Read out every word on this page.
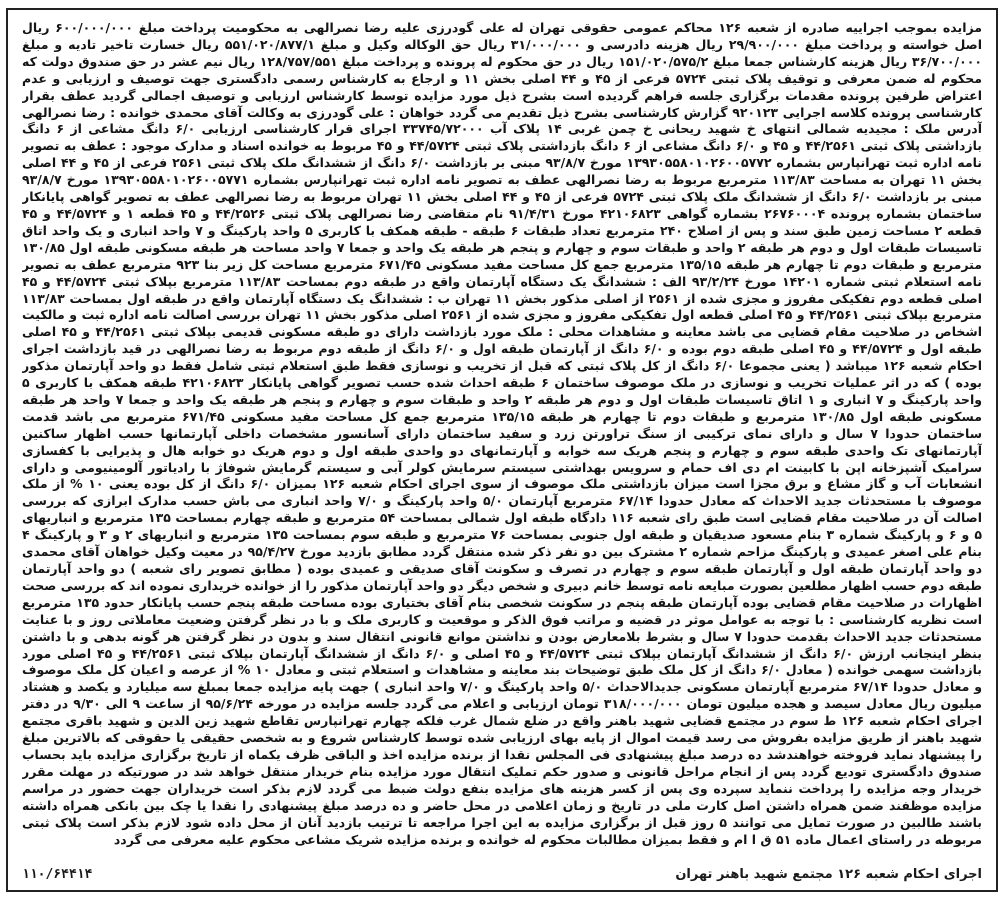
مزایده بموجب اجراییه صادره از شعبه ۱۲۶ محاکم عمومی حقوقی تهران له علی گودرزی علیه رضا نصرالهی به محکومیت پرداخت مبلغ ۶۰۰/۰۰۰/۰۰۰ ریال اصل خواسته و پرداخت مبلغ ۲۹/۹۰۰/۰۰۰ ریال هزینه دادرسی و ۳۱/۰۰۰/۰۰۰ ریال حق الوکاله وکیل و مبلغ ۵۵۱/۰۲۰/۸۷۷/۱ ریال خسارت تاخیر تادیه و مبلغ ۳۶/۷۰۰/۰۰۰ ریال هزینه کارشناس جمعا مبلغ ۱۵۱/۰۲۰/۵۷۵/۲ ریال در حق محکوم له پرونده و پرداخت مبلغ ۱۲۸/۷۵۷/۵۵۱ ریال نیم عشر در حق صندوق دولت که محکوم له ضمن معرفی و توقیف پلاک ثبتی ۵۷۲۴ فرعی از ۴۵ و ۴۴ اصلی بخش ۱۱ و ارجاع به کارشناس رسمی دادگستری جهت توصیف و ارزیابی و عدم اعتراض طرفین پرونده مقدمات برگزاری جلسه فراهم گردیده است بشرح ذیل مورد مزایده توسط کارشناس ارزیابی و توصیف اجمالی گردید عطف بقرار کارشناسی پرونده کلاسه اجرایی ۹۲۰۱۲۳ گزارش کارشناسی بشرح ذیل تقدیم می گردد خواهان : علی گودرزی به وکالت آقای محمدی خوانده : رضا نصرالهی آدرس ملک : مجیدیه شمالی انتهای خ شهید ریحانی خ چمن غربی ۱۴ پلاک آب ۳۳۷۴۵/۷۲۰۰۰ اجرای قرار کارشناسی ارزیابی ۶/۰ دانگ مشاعی از ۶ دانگ بازداشتی پلاک ثبتی ۴۴/۲۵۶۱ و ۴۵ و ۶/۰ دانگ مشاعی از ۶ دانگ بازداشتی پلاک ثبتی ۴۴/۵۷۲۴ و ۴۵ مربوط به خوانده اسناد و مدارک موجود : عطف به تصویر نامه اداره ثبت تهرانپارس بشماره ۱۳۹۳۰۵۵۸۰۱۰۲۶۰۰۵۷۷۲ مورخ ۹۳/۸/۷ مبنی بر بازداشت ۶/۰ دانگ از ششدانگ ملک پلاک ثبتی ۲۵۶۱ فرعی از ۴۵ و ۴۴ اصلی بخش ۱۱ تهران به مساحت ۱۱۳/۸۳ مترمربع مربوط به رضا نصرالهی عطف به تصویر نامه اداره ثبت تهرانپارس بشماره ۱۳۹۳۰۵۵۸۰۱۰۲۶۰۰۵۷۷۱ مورخ ۹۳/۸/۷ مبنی بر بازداشت ۶/۰ دانگ از ششدانگ ملک پلاک ثبتی ۵۷۲۴ فرعی از ۴۵ و ۴۴ اصلی بخش ۱۱ تهران مربوط به رضا نصرالهی عطف به تصویر گواهی پایانکار ساختمان بشماره پرونده ۲۶۷۶۰۰۰۴ بشماره گواهی ۴۲۱۰۶۸۲۳ مورخ ۹۱/۴/۳۱ نام متقاضی رضا نصرالهی پلاک ثبتی ۴۴/۲۵۲۶ و ۴۵ قطعه ۱ و ۴۴/۵۷۲۴ و ۴۵ قطعه ۲ مساحت زمین طبق سند و پس از اصلاح ۲۴۰ مترمربع تعداد طبقات ۶ طبقه - طبقه همکف با کاربری ۵ واحد پارکینگ و ۷ واحد انباری و یک واحد اتاق تاسیسات طبقات اول و دوم هر طبقه ۲ واحد و طبقات سوم و چهارم و پنجم هر طبقه یک واحد و جمعا ۷ واحد مساحت هر طبقه مسکونی طبقه اول ۱۳۰/۸۵ مترمربع و طبقات دوم تا چهارم هر طبقه ۱۳۵/۱۵ مترمربع جمع کل مساحت مفید مسکونی ۶۷۱/۴۵ مترمربع مساحت کل زیر بنا ۹۲۳ مترمربع عطف به تصویر نامه استعلام ثبتی شماره ۱۴۲۰۱ مورخ ۹۳/۲/۲۴ الف : ششدانگ یک دستگاه آپارتمان واقع در طبقه دوم بمساحت ۱۱۳/۸۳ مترمربع بپلاک ثبتی ۴۴/۵۷۲۴ و ۴۵ اصلی قطعه دوم تفکیکی مفروز و مجزی شده از ۲۵۶۱ از اصلی مذکور بخش ۱۱ تهران ب : ششدانگ یک دستگاه آپارتمان واقع در طبقه اول بمساحت ۱۱۳/۸۳ مترمربع بپلاک ثبتی ۴۴/۲۵۶۱ و ۴۵ اصلی قطعه اول تفکیکی مفروز و مجزی شده از ۲۵۶۱ اصلی مذکور بخش ۱۱ تهران بررسی اصالت نامه اداره ثبت و مالکیت اشخاص در صلاحیت مقام قضایی می باشد معاینه و مشاهدات محلی : ملک مورد بازداشت دارای دو طبقه مسکونی قدیمی بپلاک ثبتی ۴۴/۲۵۶۱ و ۴۵ اصلی طبقه اول و ۴۴/۵۷۲۴ و ۴۵ اصلی طبقه دوم بوده و ۶/۰ دانگ از آپارتمان طبقه اول و ۶/۰ دانگ از طبقه دوم مربوط به رضا نصرالهی در قید بازداشت اجرای احکام شعبه ۱۲۶ میباشد ( یعنی مجموعا ۶/۰ دانگ از کل پلاک ثبتی که قبل از تخریب و نوسازی فقط طبق استعلام ثبتی شامل فقط دو واحد آپارتمان مذکور بوده ) که در اثر عملیات تخریب و نوسازی در ملک موصوف ساختمان ۶ طبقه احداث شده حسب تصویر گواهی پایانکار ۴۲۱۰۶۸۲۳ طبقه همکف با کاربری ۵ واحد پارکینگ و ۷ انباری و ۱ اتاق تاسیسات طبقات اول و دوم هر طبقه ۲ واحد و طبقات سوم و چهارم و پنجم هر طبقه یک واحد و جمعا ۷ واحد هر طبقه مسکونی طبقه اول ۱۳۰/۸۵ مترمربع و طبقات دوم تا چهارم هر طبقه ۱۳۵/۱۵ مترمربع جمع کل مساحت مفید مسکونی ۶۷۱/۴۵ مترمربع می باشد قدمت ساختمان حدودا ۷ سال و دارای نمای ترکیبی از سنگ تراورتن زرد و سفید ساختمان دارای آسانسور مشخصات داخلی آپارتمانها حسب اظهار ساکنین آپارتمانهای تک واحدی طبقه سوم و چهارم و پنجم هریک سه خوابه و آپارتمانهای دو واحدی طبقه اول و دوم هریک دو خوابه هال و پذیرایی با کفسازی سرامیک آشپزخانه اپن با کابینت ام دی اف حمام و سرویس بهداشتی سیستم سرمایش کولر آبی و سیستم گرمایش شوفاژ با رادیاتور آلومینیومی و دارای انشعابات آب و گاز مشاع و برق مجزا است میزان بازداشتی ملک موصوف از سوی اجرای احکام شعبه ۱۲۶ بمیزان ۶/۰ دانگ از کل بوده یعنی ۱۰ % از ملک موصوف با مستحدثات جدید الاحداث که معادل حدودا ۶۷/۱۴ مترمربع آپارتمان ۵/۰ واحد پارکینگ و ۷/۰ واحد انباری می باش حسب مدارک ابرازی که بررسی اصالت آن در صلاحیت مقام قضایی است طبق رای شعبه ۱۱۶ دادگاه طبقه اول شمالی بمساحت ۵۴ مترمربع و طبقه چهارم بمساحت ۱۳۵ مترمربع و انباریهای ۵ و ۶ و پارکینگ شماره ۳ بنام مسعود صدیقیان و طبقه اول جنوبی بمساحت ۷۶ مترمربع و طبقه سوم بمساحت ۱۳۵ مترمربع و انباریهای ۲ و ۳ و پارکینگ ۴ بنام علی اصغر عمیدی و پارکینگ مزاحم شماره ۲ مشترک بین دو نفر ذکر شده منتقل گردد مطابق بازدید مورخ ۹۵/۴/۲۷ در معیت وکیل خواهان آقای محمدی دو واحد آپارتمان طبقه اول و آپارتمان طبقه سوم و چهارم در تصرف و سکونت آقای صدیقی و عمیدی بوده ( مطابق تصویر رای شعبه ) دو واحد آپارتمان طبقه دوم حسب اظهار مطلعین بصورت مبایعه نامه توسط خانم دبیری و شخص دیگر دو واحد آپارتمان مذکور را از خوانده خریداری نموده اند که بررسی صحت اظهارات در صلاحیت مقام قضایی بوده آپارتمان طبقه پنجم در سکونت شخصی بنام آقای بختیاری بوده مساحت طبقه پنجم حسب پایانکار حدود ۱۳۵ مترمربع است نظریه کارشناسی : با توجه به عوامل موثر در قضیه و مراتب فوق الذکر و موقعیت و کاربری ملک و با در نظر گرفتن وضعیت معاملاتی روز و با عنایت مستحدثات جدید الاحداث بقدمت حدودا ۷ سال و بشرط بلامعارض بودن و نداشتن موانع قانونی انتقال سند و بدون در نظر گرفتن هر گونه بدهی و با داشتن بنظر اینجانب ارزش ۶/۰ دانگ از ششدانگ آپارتمان بپلاک ثبتی ۴۴/۵۷۲۴ و ۴۵ اصلی و ۶/۰ دانگ از ششدانگ آپارتمان بپلاک ثبتی ۴۴/۲۵۶۱ و ۴۵ اصلی مورد بازداشت سهمی خوانده ( معادل ۶/۰ دانگ از کل ملک طبق توضیحات بند معاینه و مشاهدات و استعلام ثبتی و معادل ۱۰ % از عرصه و اعیان کل ملک موصوف و معادل حدودا ۶۷/۱۴ مترمربع آپارتمان مسکونی جدیدالاحداث ۵/۰ واحد پارکینگ و ۷/۰ واحد انباری ) جهت پایه مزایده جمعا بمبلغ سه میلیارد و یکصد و هشتاد میلیون ریال معادل سیصد و هجده میلیون تومان ۳۱۸/۰۰۰/۰۰۰ تومان ارزیابی و اعلام می گردد جلسه مزایده در مورخه ۹۵/۶/۲۴ از ساعت ۹ الی ۹/۳۰ در دفتر اجرای احکام شعبه ۱۲۶ ط سوم در مجتمع قضایی شهید باهنر واقع در ضلع شمال غرب فلکه چهارم تهرانپارس تقاطع شهید زین الدین و شهید باقری مجتمع شهید باهنر از طریق مزایده بفروش می رسد قیمت اموال از پایه بهای ارزیابی شده توسط کارشناس شروع و به شخصی حقیقی یا حقوقی که بالاترین مبلغ را پیشنهاد نماید فروخته خواهندشد ده درصد مبلغ پیشنهادی فی المجلس نقدا از برنده مزایده اخذ و الباقی ظرف یکماه از تاریخ برگزاری مزایده باید بحساب صندوق دادگستری تودیع گردد پس از انجام مراحل قانونی و صدور حکم تملیک انتقال مورد مزایده بنام خریدار منتقل خواهد شد در صورتیکه در مهلت مقرر خریدار وجه مزایده را پرداخت ننماید سپرده وی پس از کسر هزینه های مزایده بنفع دولت ضبط می گردد لازم بذکر است خریداران جهت حضور در مراسم مزایده موظفند ضمن همراه داشتن اصل کارت ملی در تاریخ و زمان اعلامی در محل حاضر و ده درصد مبلغ پیشنهادی را نقدا یا چک بین بانکی همراه داشته باشند طالبین در صورت تمایل می توانند ۵ روز قبل از برگزاری مزایده به این اجرا مراجعه تا ترتیب بازدید آنان از محل داده شود لازم بذکر است پلاک ثبتی مربوطه در راستای اعمال ماده ۵۱ ق ا ام و فقط بمیزان مطالبات محکوم له خوانده و برنده مزایده شریک مشاعی محکوم علیه معرفی می گردد
اجرای احکام شعبه ۱۲۶ مجتمع شهید باهنر تهران
۱۱۰/۶۴۴۱۴
